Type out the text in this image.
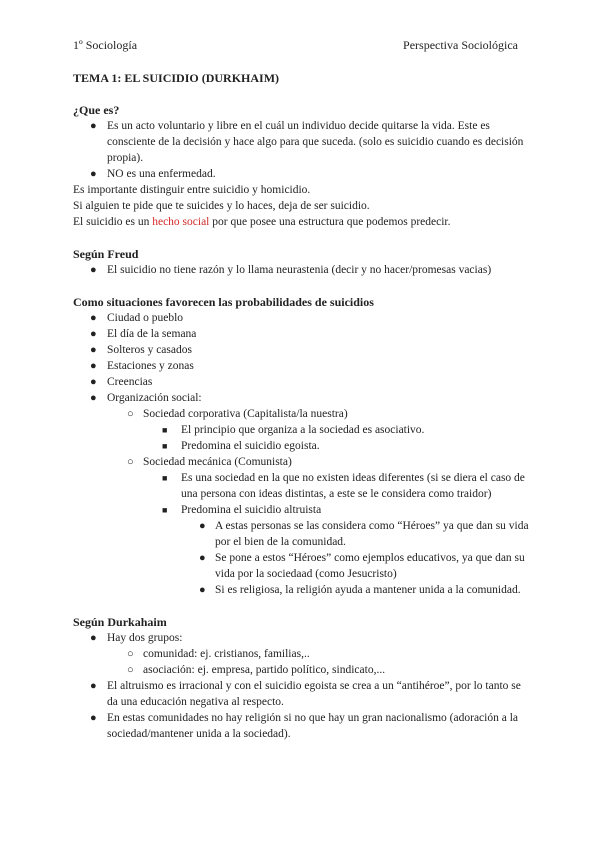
1º Sociología	Perspectiva Sociológica
TEMA 1: EL SUICIDIO (DURKHAIM)
¿Que es?
● Es un acto voluntario y libre en el cuál un individuo decide quitarse la vida. Este es consciente de la decisión y hace algo para que suceda. (solo es suicidio cuando es decisión propia).
● NO es una enfermedad.

Es importante distinguir entre suicidio y homicidio.

Si alguien te pide que te suicides y lo haces, deja de ser suicidio.

El suicidio es un hecho social por que posee una estructura que podemos predecir.

Según Freud
● El suicidio no tiene razón y lo llama neurastenia (decir y no hacer/promesas vacias)
Como situaciones favorecen las probabilidades de suicidios
● Ciudad o pueblo
● El día de la semana
● Solteros y casados
● Estaciones y zonas
● Creencias
● Organización social:
○ Sociedad corporativa (Capitalista/la nuestra)
■ El principio que organiza a la sociedad es asociativo.
■ Predomina el suicidio egoista.
○ Sociedad mecánica (Comunista)
■ Es una sociedad en la que no existen ideas diferentes (si se diera el caso de una persona con ideas distintas, a este se le considera como traidor)
■ Predomina el suicidio altruista
● A estas personas se las considera como “Héroes” ya que dan su vida por el bien de la comunidad.
● Se pone a estos “Héroes” como ejemplos educativos, ya que dan su vida por la sociedaad (como Jesucristo)
● Si es religiosa, la religión ayuda a mantener unida a la comunidad.
Según Durkahaim
● Hay dos grupos:
○ comunidad: ej. cristianos, familias,..
○ asociación: ej. empresa, partido político, sindicato,...
● El altruismo es irracional y con el suicidio egoista se crea a un “antihéroe”, por lo tanto se da una educación negativa al respecto.
● En estas comunidades no hay religión si no que hay un gran nacionalismo (adoración a la sociedad/mantener unida a la sociedad).
